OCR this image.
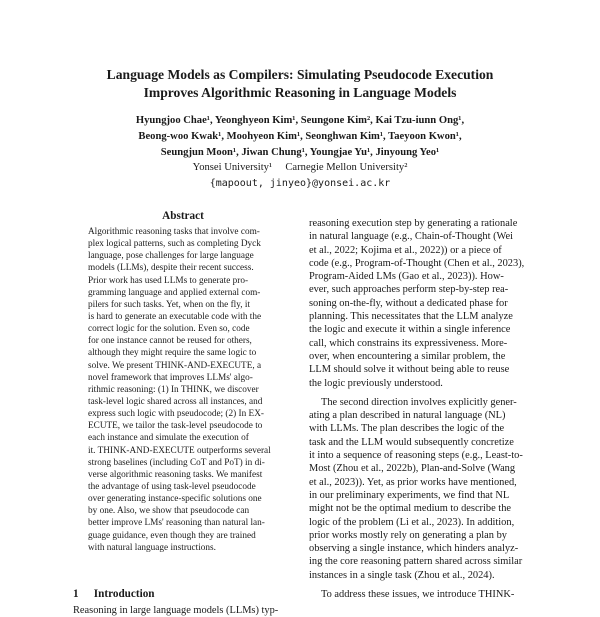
Language Models as Compilers: Simulating Pseudocode Execution
Improves Algorithmic Reasoning in Language Models
Hyungjoo Chae¹, Yeonghyeon Kim¹, Seungone Kim², Kai Tzu-iunn Ong¹,
Beong-woo Kwak¹, Moohyeon Kim¹, Seonghwan Kim¹, Taeyoon Kwon¹,
Seungjun Moon¹, Jiwan Chung¹, Youngjae Yu¹, Jinyoung Yeo¹
Yonsei University¹     Carnegie Mellon University²
{mapoout, jinyeo}@yonsei.ac.kr
Abstract
Algorithmic reasoning tasks that involve com-
plex logical patterns, such as completing Dyck
language, pose challenges for large language
models (LLMs), despite their recent success.
Prior work has used LLMs to generate pro-
gramming language and applied external com-
pilers for such tasks. Yet, when on the fly, it
is hard to generate an executable code with the
correct logic for the solution. Even so, code
for one instance cannot be reused for others,
although they might require the same logic to
solve. We present THINK-AND-EXECUTE, a
novel framework that improves LLMs' algo-
rithmic reasoning: (1) In THINK, we discover
task-level logic shared across all instances, and
express such logic with pseudocode; (2) In EX-
ECUTE, we tailor the task-level pseudocode to
each instance and simulate the execution of
it. THINK-AND-EXECUTE outperforms several
strong baselines (including CoT and PoT) in di-
verse algorithmic reasoning tasks. We manifest
the advantage of using task-level pseudocode
over generating instance-specific solutions one
by one. Also, we show that pseudocode can
better improve LMs' reasoning than natural lan-
guage guidance, even though they are trained
with natural language instructions.
1 Introduction
Reasoning in large language models (LLMs) typ-
reasoning execution step by generating a rationale
in natural language (e.g., Chain-of-Thought (Wei
et al., 2022; Kojima et al., 2022)) or a piece of
code (e.g., Program-of-Thought (Chen et al., 2023),
Program-Aided LMs (Gao et al., 2023)). How-
ever, such approaches perform step-by-step rea-
soning on-the-fly, without a dedicated phase for
planning. This necessitates that the LLM analyze
the logic and execute it within a single inference
call, which constrains its expressiveness. More-
over, when encountering a similar problem, the
LLM should solve it without being able to reuse
the logic previously understood.
The second direction involves explicitly gener-
ating a plan described in natural language (NL)
with LLMs. The plan describes the logic of the
task and the LLM would subsequently concretize
it into a sequence of reasoning steps (e.g., Least-to-
Most (Zhou et al., 2022b), Plan-and-Solve (Wang
et al., 2023)). Yet, as prior works have mentioned,
in our preliminary experiments, we find that NL
might not be the optimal medium to describe the
logic of the problem (Li et al., 2023). In addition,
prior works mostly rely on generating a plan by
observing a single instance, which hinders analyz-
ing the core reasoning pattern shared across similar
instances in a single task (Zhou et al., 2024).
To address these issues, we introduce THINK-
